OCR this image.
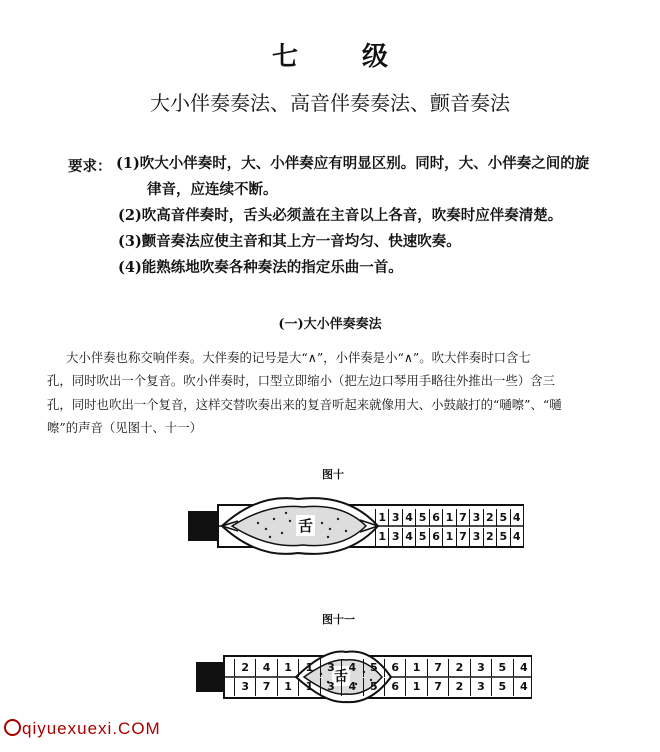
七 级
大小伴奏奏法、高音伴奏奏法、颤音奏法
要求： (1)吹大小伴奏时，大、小伴奏应有明显区别。同时，大、小伴奏之间的旋
律音，应连续不断。
(2)吹高音伴奏时，舌头必须盖在主音以上各音，吹奏时应伴奏清楚。
(3)颤音奏法应使主音和其上方一音均匀、快速吹奏。
(4)能熟练地吹奏各种奏法的指定乐曲一首。
(一)大小伴奏奏法
大小伴奏也称交响伴奏。大伴奏的记号是大“∧”，小伴奏是小“∧”。吹大伴奏时口含七
孔，同时吹出一个复音。吹小伴奏时，口型立即缩小（把左边口琴用手略往外推出一些）含三
孔，同时也吹出一个复音，这样交替吹奏出来的复音听起来就像用大、小鼓敲打的“嗵嚓”、“嗵
嚓”的声音（见图十、十一）
图十
舌
图十一
舌
1 3 4 5 6 1 7 3 2 5 4
1 3 4 5 6 1 7 3 2 5 4
2	4	1	1	3	4	5	6	1	7	2	3	5	4
3	7	1	1	3	4	5	6	1	7	2	3	5	4
qiyuexuexi.COM
